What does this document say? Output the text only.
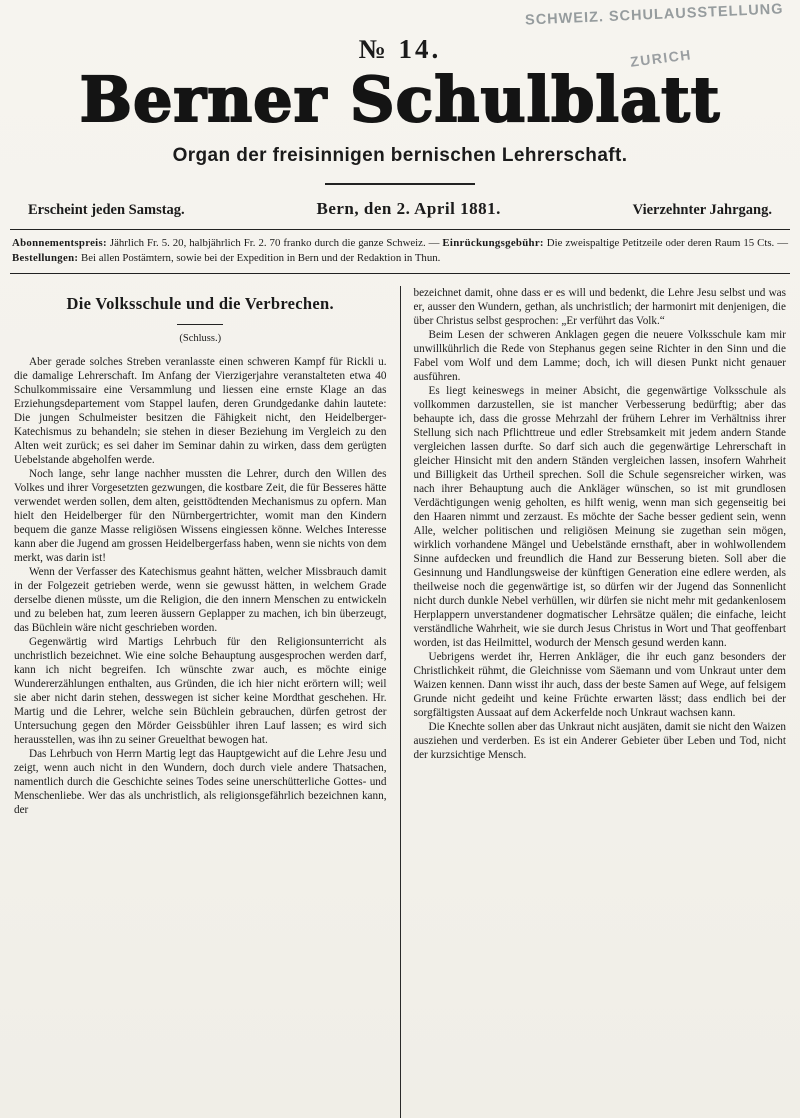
SCHWEIZ. SCHULAUSSTELLUNG
ZURICH
№ 14.
Berner Schulblatt
Organ der freisinnigen bernischen Lehrerschaft.
Erscheint jeden Samstag.	Bern, den 2. April 1881.	Vierzehnter Jahrgang.

Abonnementspreis: Jährlich Fr. 5. 20, halbjährlich Fr. 2. 70 franko durch die ganze Schweiz. — Einrückungsgebühr: Die zweispaltige Petitzeile oder deren Raum 15 Cts. — Bestellungen: Bei allen Postämtern, sowie bei der Expedition in Bern und der Redaktion in Thun.

Die Volksschule und die Verbrechen.
(Schluss.)

Aber gerade solches Streben veranlasste einen schweren Kampf für Rickli u. die damalige Lehrerschaft. Im Anfang der Vierzigerjahre veranstalteten etwa 40 Schulkommissaire eine Versammlung und liessen eine ernste Klage an das Erziehungsdepartement vom Stappel laufen, deren Grundgedanke dahin lautete: Die jungen Schulmeister besitzen die Fähigkeit nicht, den Heidelberger-Katechismus zu behandeln; sie stehen in dieser Beziehung im Vergleich zu den Alten weit zurück; es sei daher im Seminar dahin zu wirken, dass dem gerügten Uebelstande abgeholfen werde.

Noch lange, sehr lange nachher mussten die Lehrer, durch den Willen des Volkes und ihrer Vorgesetzten gezwungen, die kostbare Zeit, die für Besseres hätte verwendet werden sollen, dem alten, geisttödtenden Mechanismus zu opfern. Man hielt den Heidelberger für den Nürnbergertrichter, womit man den Kindern bequem die ganze Masse religiösen Wissens eingiessen könne. Welches Interesse kann aber die Jugend am grossen Heidelbergerfass haben, wenn sie nichts von dem merkt, was darin ist!

Wenn der Verfasser des Katechismus geahnt hätten, welcher Missbrauch damit in der Folgezeit getrieben werde, wenn sie gewusst hätten, in welchem Grade derselbe dienen müsste, um die Religion, die den innern Menschen zu entwickeln und zu beleben hat, zum leeren äussern Geplapper zu machen, ich bin überzeugt, das Büchlein wäre nicht geschrieben worden.

Gegenwärtig wird Martigs Lehrbuch für den Religionsunterricht als unchristlich bezeichnet. Wie eine solche Behauptung ausgesprochen werden darf, kann ich nicht begreifen. Ich wünschte zwar auch, es möchte einige Wundererzählungen enthalten, aus Gründen, die ich hier nicht erörtern will; weil sie aber nicht darin stehen, desswegen ist sicher keine Mordthat geschehen. Hr. Martig und die Lehrer, welche sein Büchlein gebrauchen, dürfen getrost der Untersuchung gegen den Mörder Geissbühler ihren Lauf lassen; es wird sich herausstellen, was ihn zu seiner Greuelthat bewogen hat.

Das Lehrbuch von Herrn Martig legt das Hauptgewicht auf die Lehre Jesu und zeigt, wenn auch nicht in den Wundern, doch durch viele andere Thatsachen, namentlich durch die Geschichte seines Todes seine unerschütterliche Gottes- und Menschenliebe. Wer das als unchristlich, als religionsgefährlich bezeichnen kann, der

bezeichnet damit, ohne dass er es will und bedenkt, die Lehre Jesu selbst und was er, ausser den Wundern, gethan, als unchristlich; der harmonirt mit denjenigen, die über Christus selbst gesprochen: „Er verführt das Volk.“

Beim Lesen der schweren Anklagen gegen die neuere Volksschule kam mir unwillkührlich die Rede von Stephanus gegen seine Richter in den Sinn und die Fabel vom Wolf und dem Lamme; doch, ich will diesen Punkt nicht genauer ausführen.

Es liegt keineswegs in meiner Absicht, die gegenwärtige Volksschule als vollkommen darzustellen, sie ist mancher Verbesserung bedürftig; aber das behaupte ich, dass die grosse Mehrzahl der frühern Lehrer im Verhältniss ihrer Stellung sich nach Pflichttreue und edler Strebsamkeit mit jedem andern Stande vergleichen lassen durfte. So darf sich auch die gegenwärtige Lehrerschaft in gleicher Hinsicht mit den andern Ständen vergleichen lassen, insofern Wahrheit und Billigkeit das Urtheil sprechen. Soll die Schule segensreicher wirken, was nach ihrer Behauptung auch die Ankläger wünschen, so ist mit grundlosen Verdächtigungen wenig geholten, es hilft wenig, wenn man sich gegenseitig bei den Haaren nimmt und zerzaust. Es möchte der Sache besser gedient sein, wenn Alle, welcher politischen und religiösen Meinung sie zugethan sein mögen, wirklich vorhandene Mängel und Uebelstände ernsthaft, aber in wohlwollendem Sinne aufdecken und freundlich die Hand zur Besserung bieten. Soll aber die Gesinnung und Handlungsweise der künftigen Generation eine edlere werden, als theilweise noch die gegenwärtige ist, so dürfen wir der Jugend das Sonnenlicht nicht durch dunkle Nebel verhüllen, wir dürfen sie nicht mehr mit gedankenlosem Herplappern unverstandener dogmatischer Lehrsätze quälen; die einfache, leicht verständliche Wahrheit, wie sie durch Jesus Christus in Wort und That geoffenbart worden, ist das Heilmittel, wodurch der Mensch gesund werden kann.

Uebrigens werdet ihr, Herren Ankläger, die ihr euch ganz besonders der Christlichkeit rühmt, die Gleichnisse vom Säemann und vom Unkraut unter dem Waizen kennen. Dann wisst ihr auch, dass der beste Samen auf Wege, auf felsigem Grunde nicht gedeiht und keine Früchte erwarten lässt; dass endlich bei der sorgfältigsten Aussaat auf dem Ackerfelde noch Unkraut wachsen kann.

Die Knechte sollen aber das Unkraut nicht ausjäten, damit sie nicht den Waizen ausziehen und verderben. Es ist ein Anderer Gebieter über Leben und Tod, nicht der kurzsichtige Mensch.
